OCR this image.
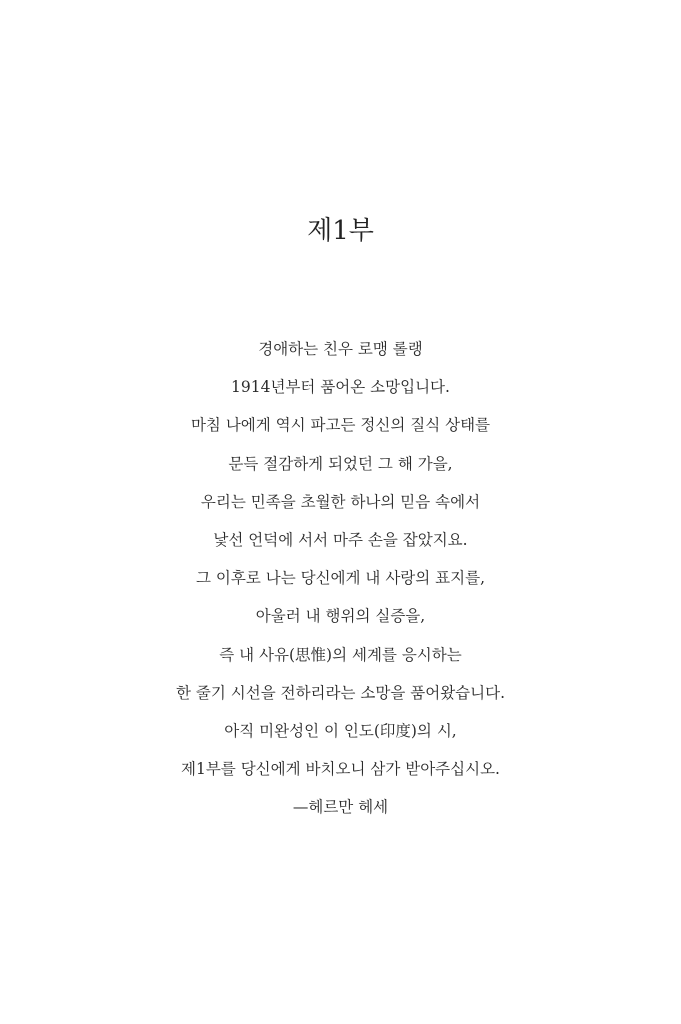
제1부
경애하는 친우 로맹 롤랭
1914년부터 품어온 소망입니다.
마침 나에게 역시 파고든 정신의 질식 상태를
문득 절감하게 되었던 그 해 가을,
우리는 민족을 초월한 하나의 믿음 속에서
낯선 언덕에 서서 마주 손을 잡았지요.
그 이후로 나는 당신에게 내 사랑의 표지를,
아울러 내 행위의 실증을,
즉 내 사유(思惟)의 세계를 응시하는
한 줄기 시선을 전하리라는 소망을 품어왔습니다.
아직 미완성인 이 인도(印度)의 시,
제1부를 당신에게 바치오니 삼가 받아주십시오.
—헤르만 헤세
